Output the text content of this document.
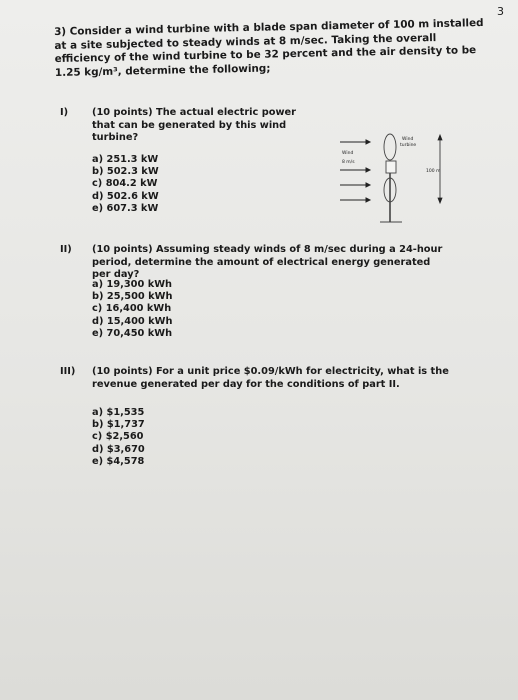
3
3) Consider a wind turbine with a blade span diameter of 100 m installed at a site subjected to steady winds at 8 m/sec. Taking the overall efficiency of the wind turbine to be 32 percent and the air density to be 1.25 kg/m³, determine the following;
I) (10 points) The actual electric power that can be generated by this wind turbine?
a) 251.3 kW
b) 502.3 kW
c) 804.2 kW
d) 502.6 kW
e) 607.3 kW
Wind
8 m/s
Wind
turbine
100 m
II) (10 points) Assuming steady winds of 8 m/sec during a 24-hour period, determine the amount of electrical energy generated per day?
a) 19,300 kWh
b) 25,500 kWh
c) 16,400 kWh
d) 15,400 kWh
e) 70,450 kWh
III) (10 points) For a unit price $0.09/kWh for electricity, what is the revenue generated per day for the conditions of part II.
a) $1,535
b) $1,737
c) $2,560
d) $3,670
e) $4,578
